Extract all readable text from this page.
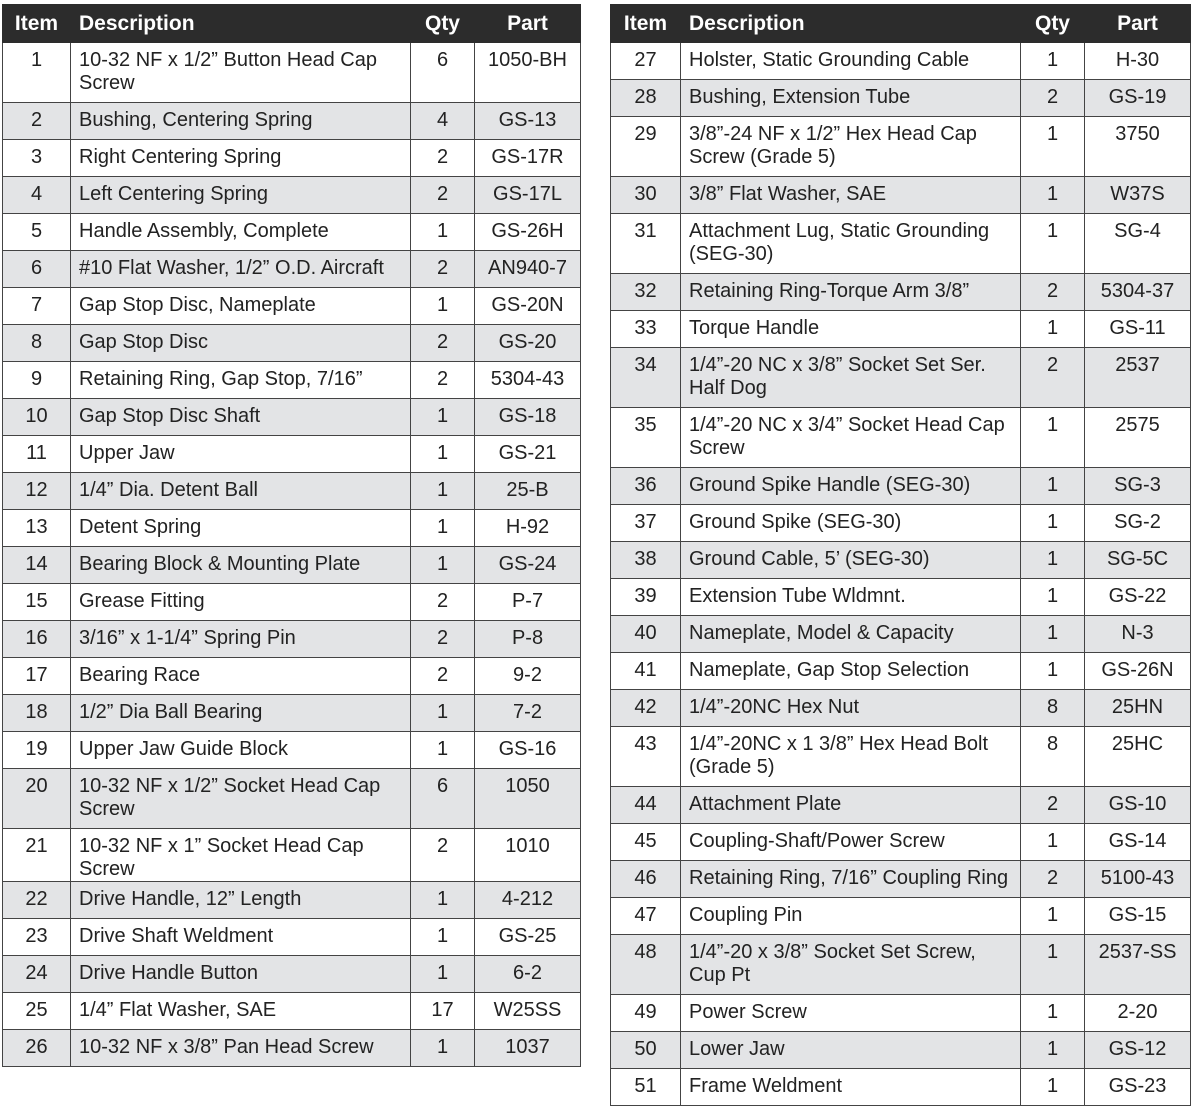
Item	Description	Qty	Part
1	10-32 NF x 1/2” Button Head Cap Screw	6	1050-BH
2	Bushing, Centering Spring	4	GS-13
3	Right Centering Spring	2	GS-17R
4	Left Centering Spring	2	GS-17L
5	Handle Assembly, Complete	1	GS-26H
6	#10 Flat Washer, 1/2” O.D. Aircraft	2	AN940-7
7	Gap Stop Disc, Nameplate	1	GS-20N
8	Gap Stop Disc	2	GS-20
9	Retaining Ring, Gap Stop, 7/16”	2	5304-43
10	Gap Stop Disc Shaft	1	GS-18
11	Upper Jaw	1	GS-21
12	1/4” Dia. Detent Ball	1	25-B
13	Detent Spring	1	H-92
14	Bearing Block & Mounting Plate	1	GS-24
15	Grease Fitting	2	P-7
16	3/16” x 1-1/4” Spring Pin	2	P-8
17	Bearing Race	2	9-2
18	1/2” Dia Ball Bearing	1	7-2
19	Upper Jaw Guide Block	1	GS-16
20	10-32 NF x 1/2” Socket Head Cap Screw	6	1050
21	10-32 NF x 1” Socket Head Cap Screw	2	1010
22	Drive Handle, 12” Length	1	4-212
23	Drive Shaft Weldment	1	GS-25
24	Drive Handle Button	1	6-2
25	1/4” Flat Washer, SAE	17	W25SS
26	10-32 NF x 3/8” Pan Head Screw	1	1037
Item	Description	Qty	Part
27	Holster, Static Grounding Cable	1	H-30
28	Bushing, Extension Tube	2	GS-19
29	3/8”-24 NF x 1/2” Hex Head Cap Screw (Grade 5)	1	3750
30	3/8” Flat Washer, SAE	1	W37S
31	Attachment Lug, Static Grounding (SEG-30)	1	SG-4
32	Retaining Ring-Torque Arm 3/8”	2	5304-37
33	Torque Handle	1	GS-11
34	1/4”-20 NC x 3/8” Socket Set Ser. Half Dog	2	2537
35	1/4”-20 NC x 3/4” Socket Head Cap Screw	1	2575
36	Ground Spike Handle (SEG-30)	1	SG-3
37	Ground Spike (SEG-30)	1	SG-2
38	Ground Cable, 5’ (SEG-30)	1	SG-5C
39	Extension Tube Wldmnt.	1	GS-22
40	Nameplate, Model & Capacity	1	N-3
41	Nameplate, Gap Stop Selection	1	GS-26N
42	1/4”-20NC Hex Nut	8	25HN
43	1/4”-20NC x 1 3/8” Hex Head Bolt (Grade 5)	8	25HC
44	Attachment Plate	2	GS-10
45	Coupling-Shaft/Power Screw	1	GS-14
46	Retaining Ring, 7/16” Coupling Ring	2	5100-43
47	Coupling Pin	1	GS-15
48	1/4”-20 x 3/8” Socket Set Screw, Cup Pt	1	2537-SS
49	Power Screw	1	2-20
50	Lower Jaw	1	GS-12
51	Frame Weldment	1	GS-23
